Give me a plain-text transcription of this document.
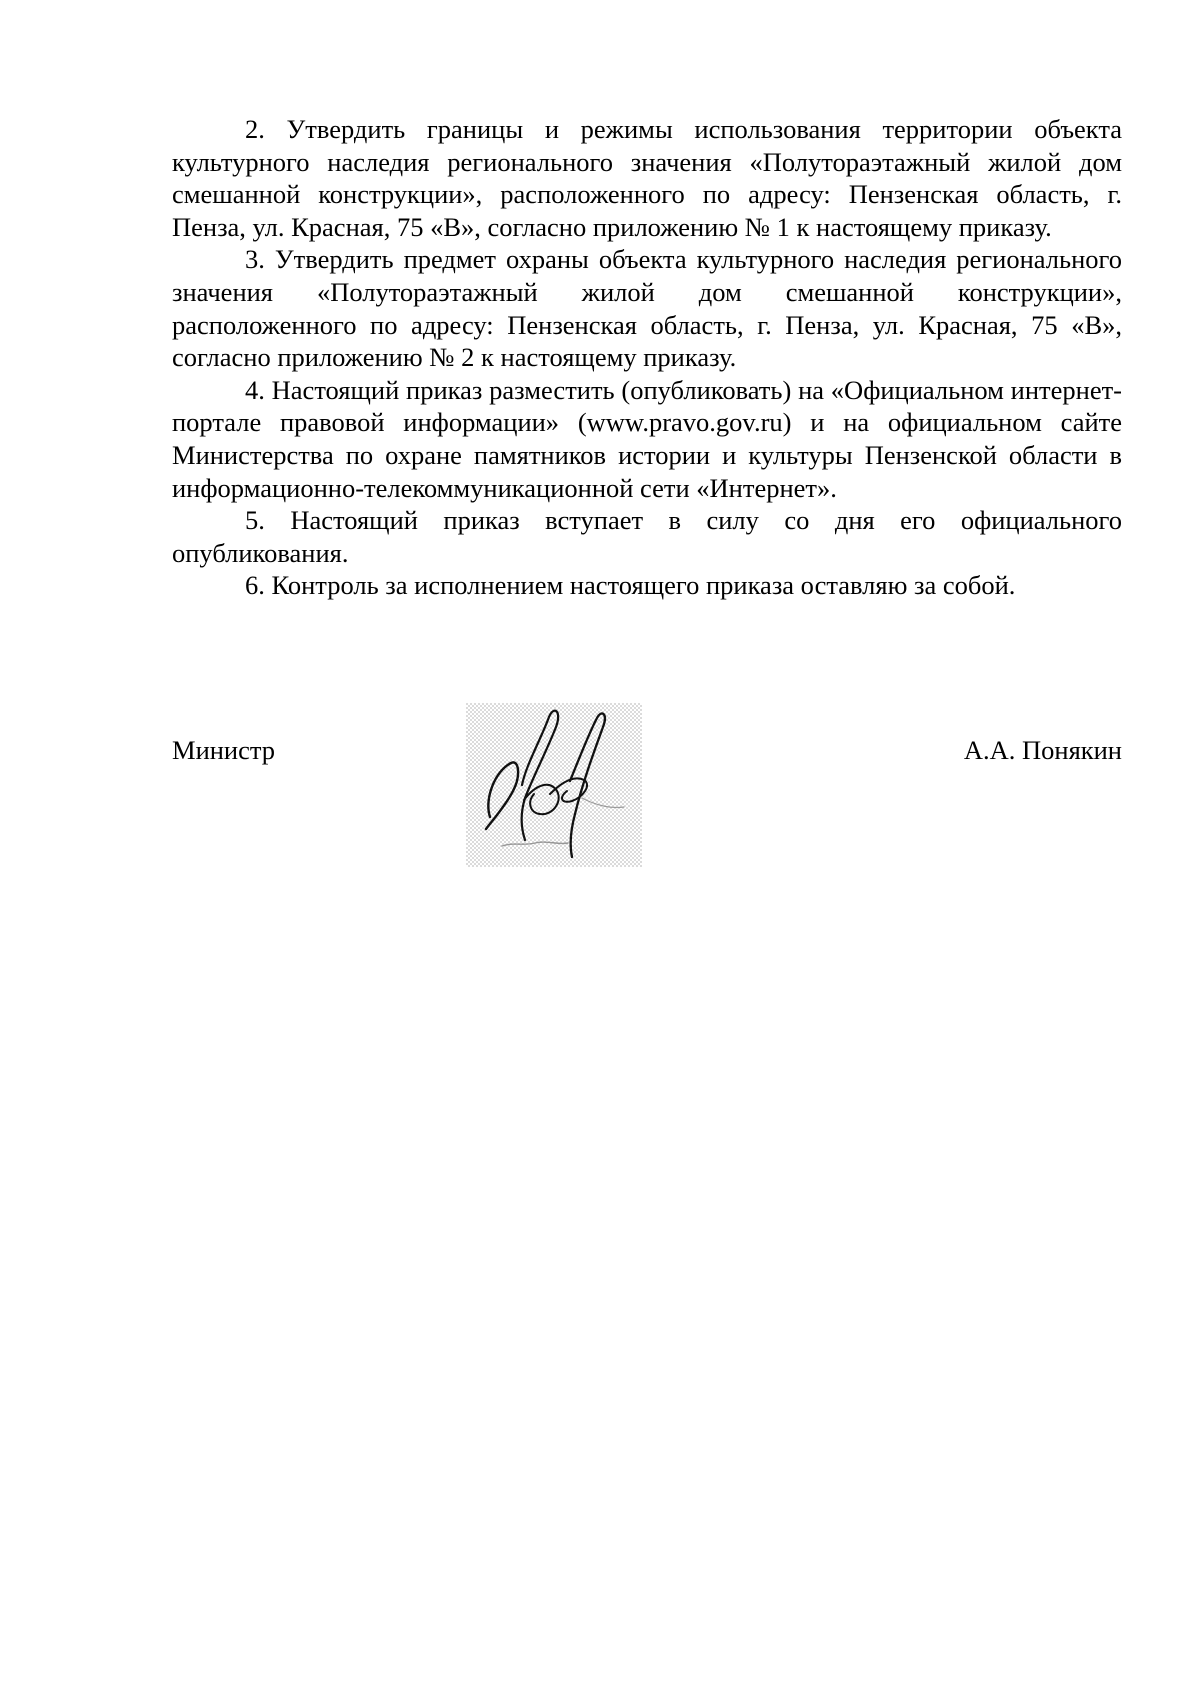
2. Утвердить границы и режимы использования территории объекта культурного наследия регионального значения «Полутораэтажный жилой дом смешанной конструкции», расположенного по адресу: Пензенская область, г. Пенза, ул. Красная, 75 «В», согласно приложению № 1 к настоящему приказу.

3. Утвердить предмет охраны объекта культурного наследия регионального значения «Полутораэтажный жилой дом смешанной конструкции», расположенного по адресу: Пензенская область, г. Пенза, ул. Красная, 75 «В», согласно приложению № 2 к настоящему приказу.

4. Настоящий приказ разместить (опубликовать) на «Официальном интернет-портале правовой информации» (www.pravo.gov.ru) и на официальном сайте Министерства по охране памятников истории и культуры Пензенской области в информационно-телекоммуникационной сети «Интернет».

5. Настоящий приказ вступает в силу со дня его официального опубликования.

6. Контроль за исполнением настоящего приказа оставляю за собой.

Министр	А.А. Понякин
